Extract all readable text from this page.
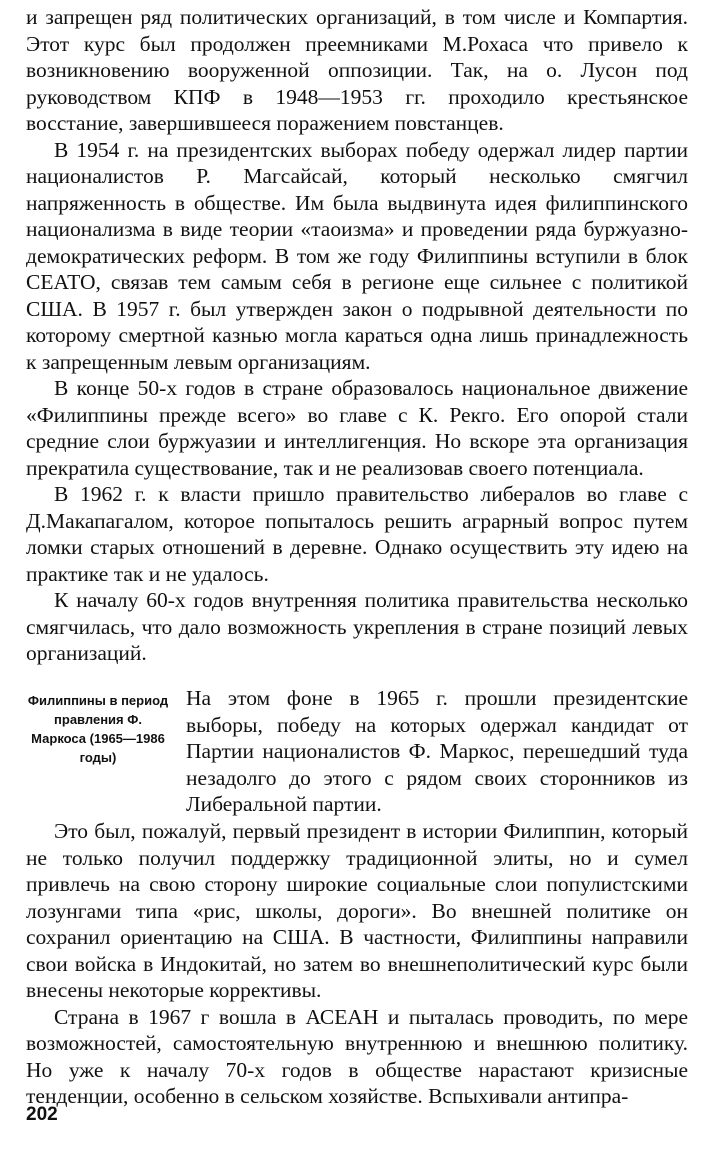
и запрещен ряд политических организаций, в том числе и Компартия. Этот курс был продолжен преемниками М.Рохаса что привело к возникновению вооруженной оппозиции. Так, на о. Лусон под руководством КПФ в 1948—1953 гг. проходило крестьянское восстание, завершившееся поражением повстанцев.

В 1954 г. на президентских выборах победу одержал лидер партии националистов Р. Магсайсай, который несколько смягчил напряженность в обществе. Им была выдвинута идея филиппинского национализма в виде теории «таоизма» и проведении ряда буржуазно-демократических реформ. В том же году Филиппины вступили в блок СЕАТО, связав тем самым себя в регионе еще сильнее с политикой США. В 1957 г. был утвержден закон о подрывной деятельности по которому смертной казнью могла караться одна лишь принадлежность к запрещенным левым организациям.

В конце 50-х годов в стране образовалось национальное движение «Филиппины прежде всего» во главе с К. Рекго. Его опорой стали средние слои буржуазии и интеллигенция. Но вскоре эта организация прекратила существование, так и не реализовав своего потенциала.

В 1962 г. к власти пришло правительство либералов во главе с Д.Макапагалом, которое попыталось решить аграрный вопрос путем ломки старых отношений в деревне. Однако осуществить эту идею на практике так и не удалось.

К началу 60-х годов внутренняя политика правительства несколько смягчилась, что дало возможность укрепления в стране позиций левых организаций.

Филиппины в период правления Ф. Маркоса (1965—1986 годы)

На этом фоне в 1965 г. прошли президентские выборы, победу на которых одержал кандидат от Партии националистов Ф. Маркос, перешедший туда незадолго до этого с рядом своих сторонников из Либеральной партии.

Это был, пожалуй, первый президент в истории Филиппин, который не только получил поддержку традиционной элиты, но и сумел привлечь на свою сторону широкие социальные слои популистскими лозунгами типа «рис, школы, дороги». Во внешней политике он сохранил ориентацию на США. В частности, Филиппины направили свои войска в Индокитай, но затем во внешнеполитический курс были внесены некоторые коррективы.

Страна в 1967 г вошла в АСЕАН и пыталась проводить, по мере возможностей, самостоятельную внутреннюю и внешнюю политику. Но уже к началу 70-х годов в обществе нарастают кризисные тенденции, особенно в сельском хозяйстве. Вспыхивали антипра-

202
